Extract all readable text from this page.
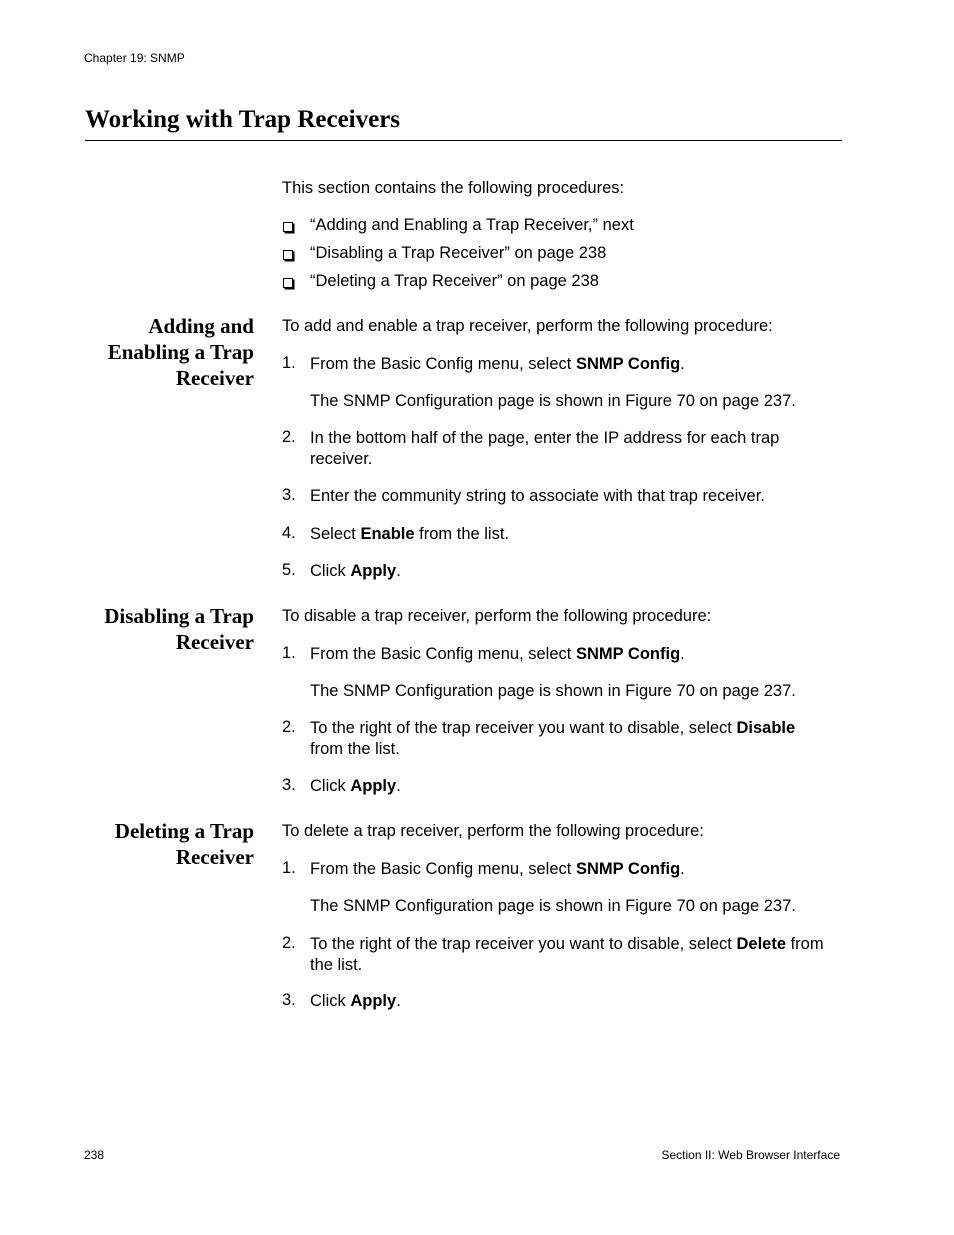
Chapter 19: SNMP
Working with Trap Receivers
This section contains the following procedures:
“Adding and Enabling a Trap Receiver,” next
“Disabling a Trap Receiver” on page 238
“Deleting a Trap Receiver” on page 238
Adding and
Enabling a Trap
Receiver
To add and enable a trap receiver, perform the following procedure:
1. From the Basic Config menu, select SNMP Config.
The SNMP Configuration page is shown in Figure 70 on page 237.
2. In the bottom half of the page, enter the IP address for each trap
receiver.
3. Enter the community string to associate with that trap receiver.
4. Select Enable from the list.
5. Click Apply.
Disabling a Trap
Receiver
To disable a trap receiver, perform the following procedure:
1. From the Basic Config menu, select SNMP Config.
The SNMP Configuration page is shown in Figure 70 on page 237.
2. To the right of the trap receiver you want to disable, select Disable
from the list.
3. Click Apply.
Deleting a Trap
Receiver
To delete a trap receiver, perform the following procedure:
1. From the Basic Config menu, select SNMP Config.
The SNMP Configuration page is shown in Figure 70 on page 237.
2. To the right of the trap receiver you want to disable, select Delete from
the list.
3. Click Apply.
238	Section II: Web Browser Interface
